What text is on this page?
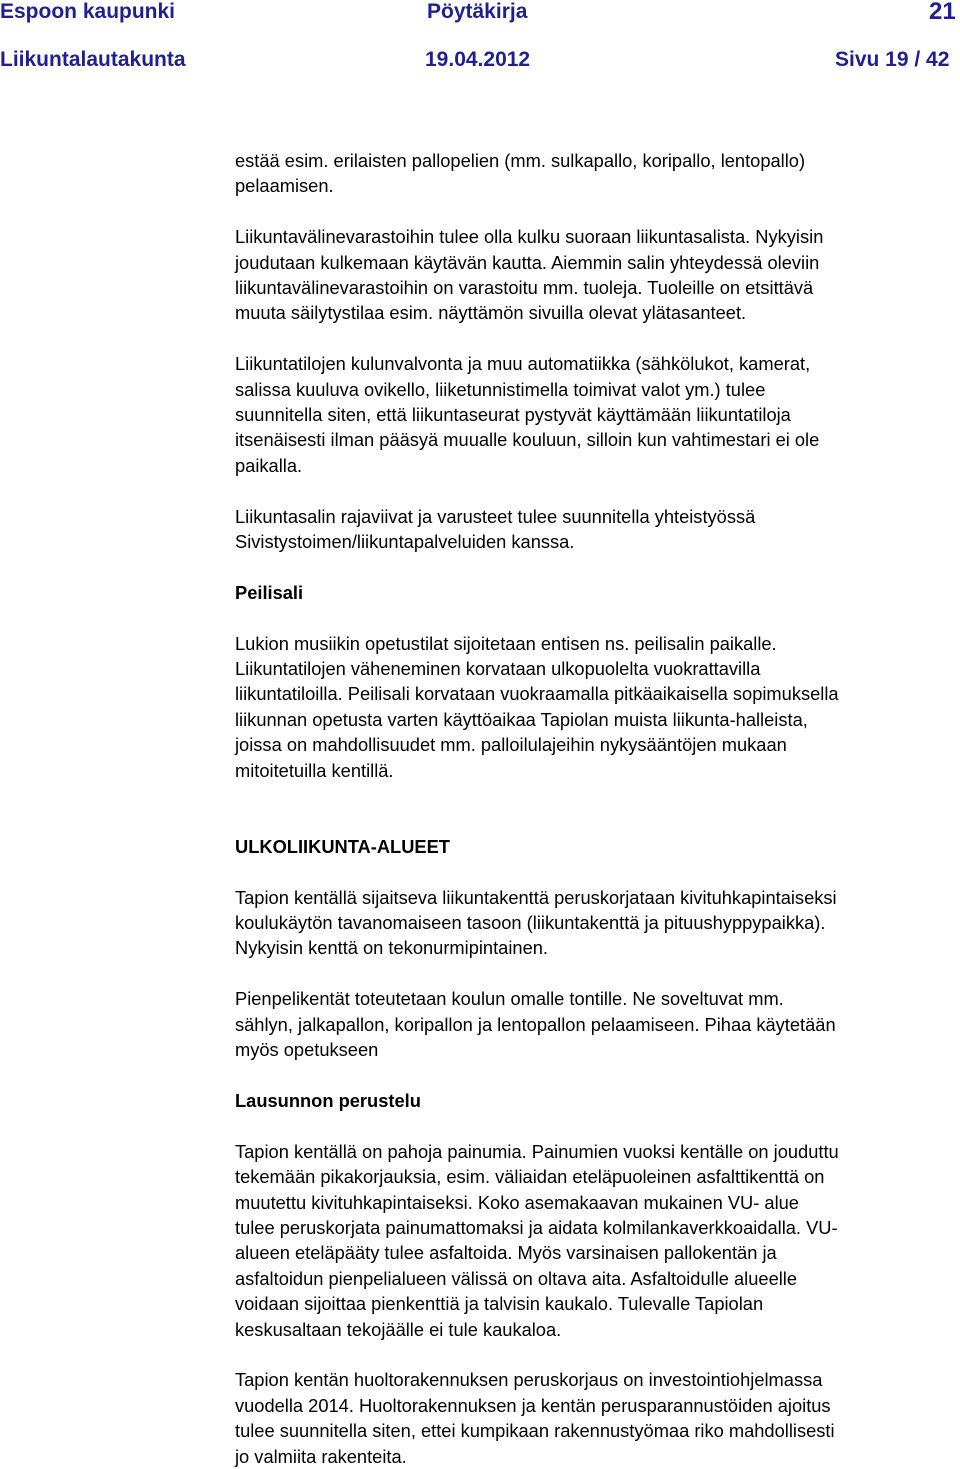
Espoon kaupunki	Pöytäkirja	21
Liikuntalautakunta	19.04.2012	Sivu 19 / 42

estää esim. erilaisten pallopelien (mm. sulkapallo, koripallo, lentopallo)
pelaamisen.

Liikuntavälinevarastoihin tulee olla kulku suoraan liikuntasalista. Nykyisin
joudutaan kulkemaan käytävän kautta. Aiemmin salin yhteydessä oleviin
liikuntavälinevarastoihin on varastoitu mm. tuoleja. Tuoleille on etsittävä
muuta säilytystilaa esim. näyttämön sivuilla olevat ylätasanteet.

Liikuntatilojen kulunvalvonta ja muu automatiikka (sähkölukot, kamerat,
salissa kuuluva ovikello, liiketunnistimella toimivat valot ym.) tulee
suunnitella siten, että liikuntaseurat pystyvät käyttämään liikuntatiloja
itsenäisesti ilman pääsyä muualle kouluun, silloin kun vahtimestari ei ole
paikalla.

Liikuntasalin rajaviivat ja varusteet tulee suunnitella yhteistyössä
Sivistystoimen/liikuntapalveluiden kanssa.

Peilisali

Lukion musiikin opetustilat sijoitetaan entisen ns. peilisalin paikalle.
Liikuntatilojen väheneminen korvataan ulkopuolelta vuokrattavilla
liikuntatiloilla. Peilisali korvataan vuokraamalla pitkäaikaisella sopimuksella
liikunnan opetusta varten käyttöaikaa Tapiolan muista liikunta-halleista,
joissa on mahdollisuudet mm. palloilulajeihin nykysääntöjen mukaan
mitoitetuilla kentillä.

ULKOLIIKUNTA-ALUEET

Tapion kentällä sijaitseva liikuntakenttä peruskorjataan kivituhkapintaiseksi
koulukäytön tavanomaiseen tasoon (liikuntakenttä ja pituushyppypaikka).
Nykyisin kenttä on tekonurmipintainen.

Pienpelikentät toteutetaan koulun omalle tontille. Ne soveltuvat mm.
sählyn, jalkapallon, koripallon ja lentopallon pelaamiseen. Pihaa käytetään
myös opetukseen

Lausunnon perustelu

Tapion kentällä on pahoja painumia. Painumien vuoksi kentälle on jouduttu
tekemään pikakorjauksia, esim. väliaidan eteläpuoleinen asfalttikenttä on
muutettu kivituhkapintaiseksi. Koko asemakaavan mukainen VU- alue
tulee peruskorjata painumattomaksi ja aidata kolmilankaverkkoaidalla. VU-
alueen eteläpääty tulee asfaltoida. Myös varsinaisen pallokentän ja
asfaltoidun pienpelialueen välissä on oltava aita. Asfaltoidulle alueelle
voidaan sijoittaa pienkenttiä ja talvisin kaukalo. Tulevalle Tapiolan
keskusaltaan tekojäälle ei tule kaukaloa.

Tapion kentän huoltorakennuksen peruskorjaus on investointiohjelmassa
vuodella 2014. Huoltorakennuksen ja kentän perusparannustöiden ajoitus
tulee suunnitella siten, ettei kumpikaan rakennustyömaa riko mahdollisesti
jo valmiita rakenteita.
